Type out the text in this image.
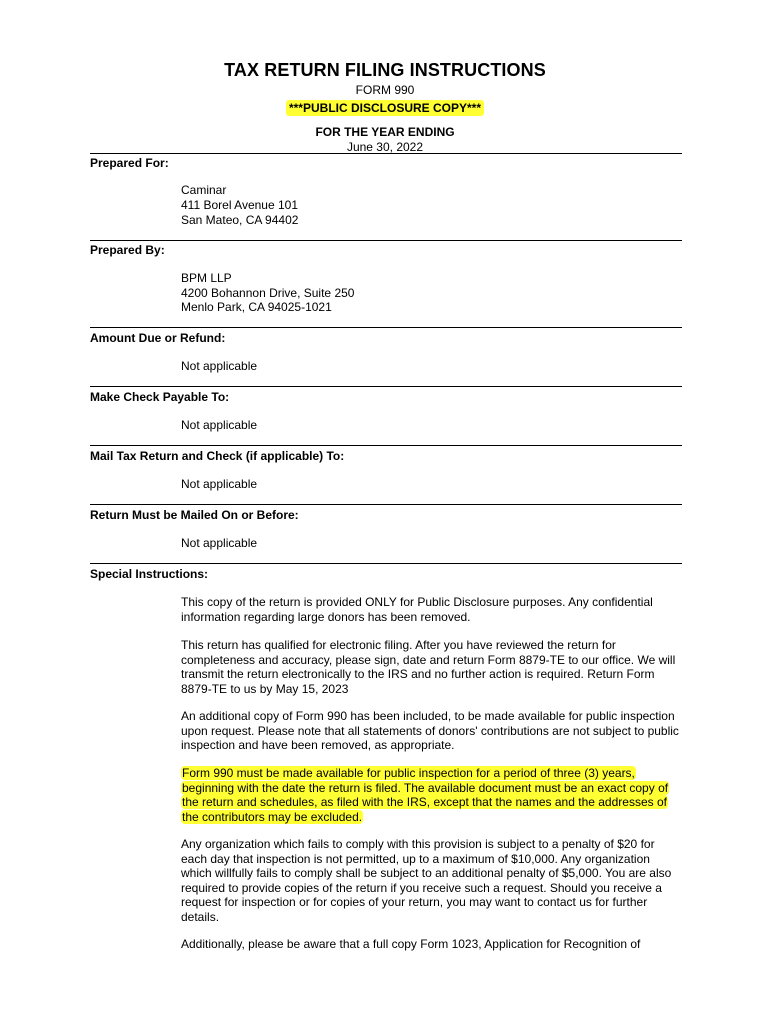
TAX RETURN FILING INSTRUCTIONS
FORM 990
***PUBLIC DISCLOSURE COPY***
FOR THE YEAR ENDING
June 30, 2022
Prepared For:
Caminar
411 Borel Avenue 101
San Mateo, CA 94402
Prepared By:
BPM LLP
4200 Bohannon Drive, Suite 250
Menlo Park, CA 94025-1021
Amount Due or Refund:
Not applicable
Make Check Payable To:
Not applicable
Mail Tax Return and Check (if applicable) To:
Not applicable
Return Must be Mailed On or Before:
Not applicable
Special Instructions:
This copy of the return is provided ONLY for Public Disclosure purposes. Any confidential information regarding large donors has been removed.
This return has qualified for electronic filing. After you have reviewed the return for completeness and accuracy, please sign, date and return Form 8879-TE to our office. We will transmit the return electronically to the IRS and no further action is required. Return Form 8879-TE to us by May 15, 2023
An additional copy of Form 990 has been included, to be made available for public inspection upon request. Please note that all statements of donors' contributions are not subject to public inspection and have been removed, as appropriate.
Form 990 must be made available for public inspection for a period of three (3) years, beginning with the date the return is filed. The available document must be an exact copy of the return and schedules, as filed with the IRS, except that the names and the addresses of the contributors may be excluded.
Any organization which fails to comply with this provision is subject to a penalty of $20 for each day that inspection is not permitted, up to a maximum of $10,000. Any organization which willfully fails to comply shall be subject to an additional penalty of $5,000. You are also required to provide copies of the return if you receive such a request. Should you receive a request for inspection or for copies of your return, you may want to contact us for further details.
Additionally, please be aware that a full copy Form 1023, Application for Recognition of
